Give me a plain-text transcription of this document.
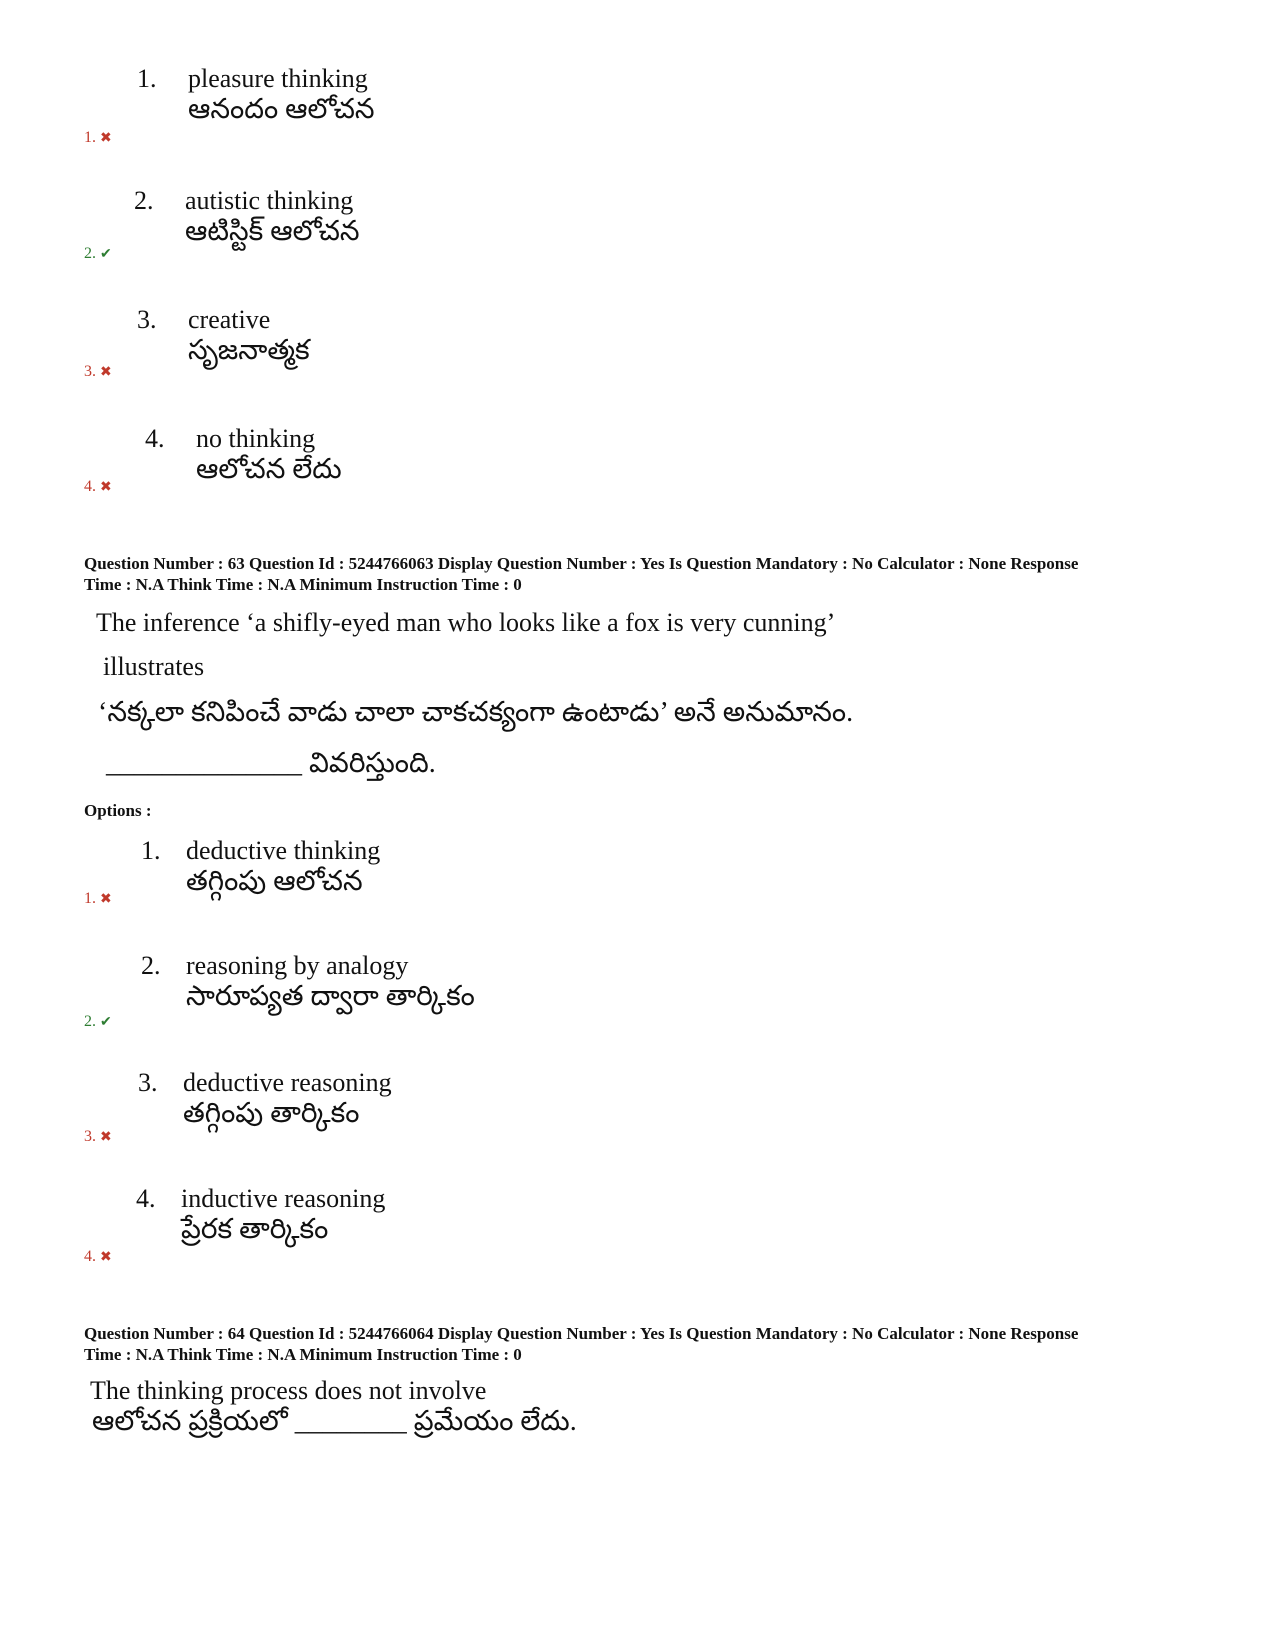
1. pleasure thinking
ఆనందం ఆలోచన
1. ✖
2. autistic thinking
ఆటిస్టిక్ ఆలోచన
2. ✔
3. creative
సృజనాత్మక
3. ✖
4. no thinking
ఆలోచన లేదు
4. ✖
Question Number : 63 Question Id : 5244766063 Display Question Number : Yes Is Question Mandatory : No Calculator : None Response
Time : N.A Think Time : N.A Minimum Instruction Time : 0
The inference ‘a shifly-eyed man who looks like a fox is very cunning’
illustrates
‘నక్కలా కనిపించే వాడు చాలా చాకచక్యంగా ఉంటాడు’ అనే అనుమానం.
______________ వివరిస్తుంది.
Options :
1. deductive thinking
తగ్గింపు ఆలోచన
1. ✖
2. reasoning by analogy
సారూప్యత ద్వారా తార్కికం
2. ✔
3. deductive reasoning
తగ్గింపు తార్కికం
3. ✖
4. inductive reasoning
ప్రేరక తార్కికం
4. ✖
Question Number : 64 Question Id : 5244766064 Display Question Number : Yes Is Question Mandatory : No Calculator : None Response
Time : N.A Think Time : N.A Minimum Instruction Time : 0
The thinking process does not involve
ఆలోచన ప్రక్రియలో ________ ప్రమేయం లేదు.
